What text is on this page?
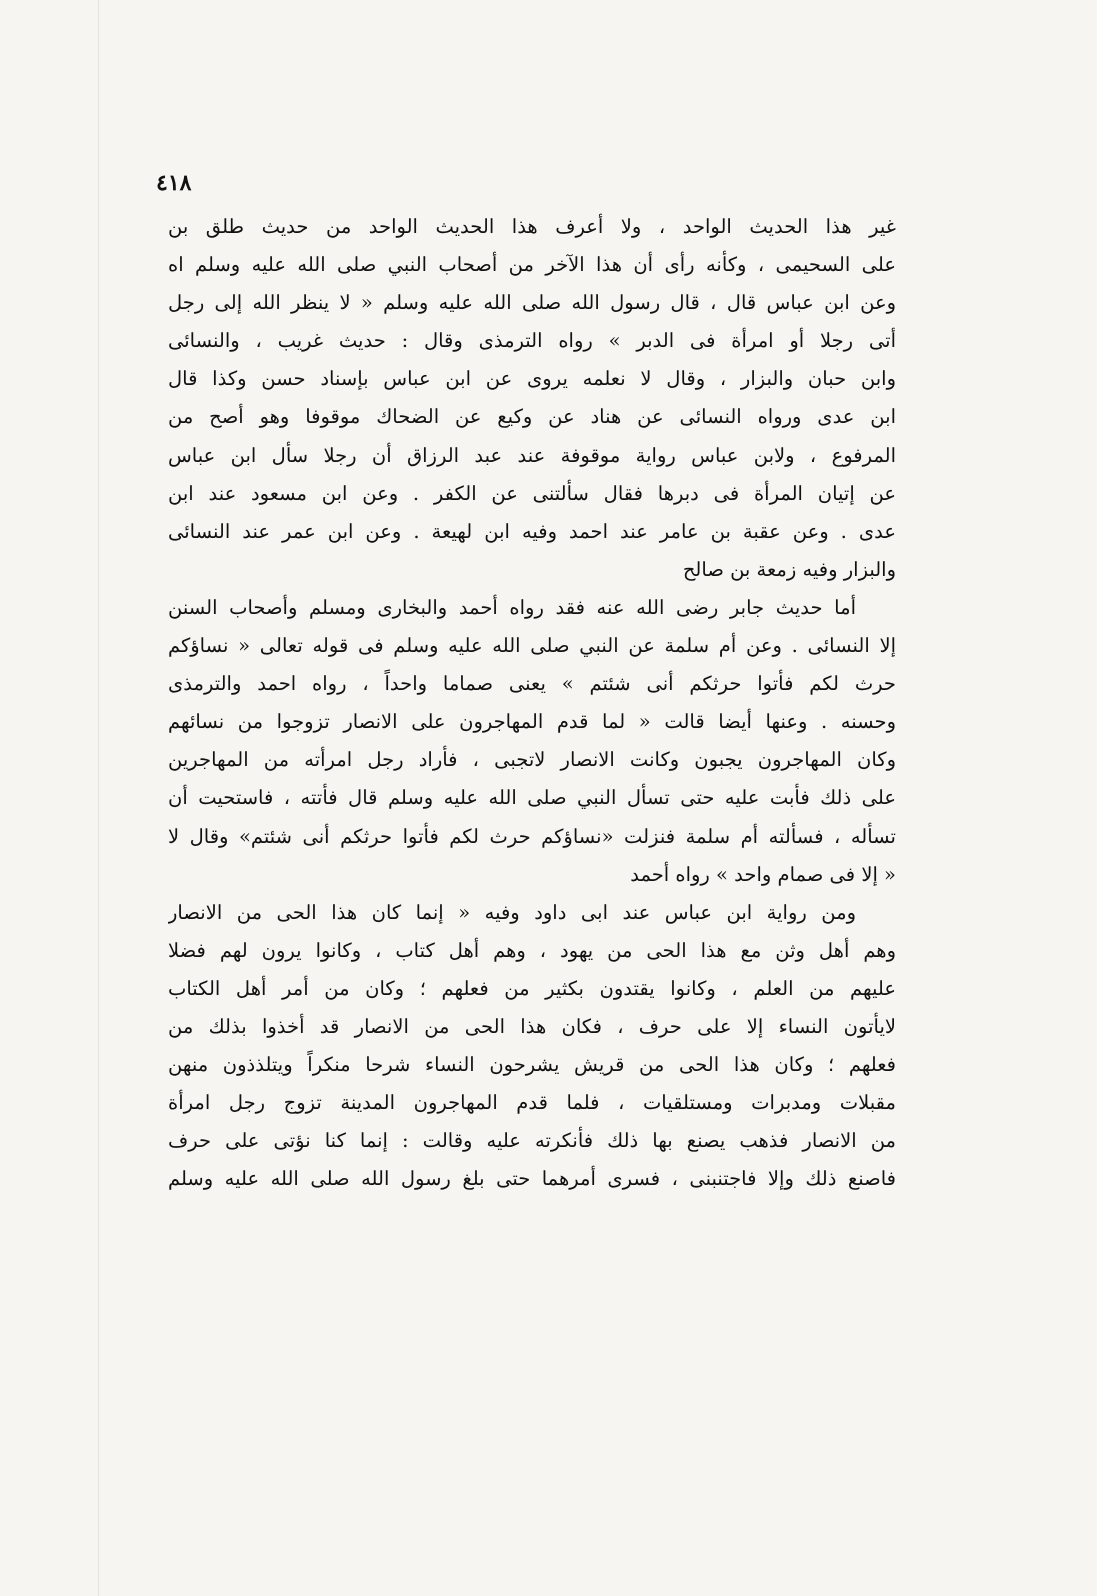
٤١٨
غير هذا الحديث الواحد ، ولا أعرف هذا الحديث الواحد من حديث طلق بن
على السحيمى ، وكأنه رأى أن هذا الآخر من أصحاب النبي صلى الله عليه وسلم اه
وعن ابن عباس قال ، قال رسول الله صلى الله عليه وسلم « لا ينظر الله إلى رجل
أتى رجلا أو امرأة فى الدبر » رواه الترمذى وقال : حديث غريب ، والنسائى
وابن حبان والبزار ، وقال لا نعلمه يروى عن ابن عباس بإسناد حسن وكذا قال
ابن عدى ورواه النسائى عن هناد عن وكيع عن الضحاك موقوفا وهو أصح من
المرفوع ، ولابن عباس رواية موقوفة عند عبد الرزاق أن رجلا سأل ابن عباس
عن إتيان المرأة فى دبرها فقال سألتنى عن الكفر . وعن ابن مسعود عند ابن
عدى . وعن عقبة بن عامر عند احمد وفيه ابن لهيعة . وعن ابن عمر عند النسائى
والبزار وفيه زمعة بن صالح
أما حديث جابر رضى الله عنه فقد رواه أحمد والبخارى ومسلم وأصحاب السنن
إلا النسائى . وعن أم سلمة عن النبي صلى الله عليه وسلم فى قوله تعالى « نساؤكم
حرث لكم فأتوا حرثكم أنى شئتم » يعنى صماما واحداً ، رواه احمد والترمذى
وحسنه . وعنها أيضا قالت « لما قدم المهاجرون على الانصار تزوجوا من نسائهم
وكان المهاجرون يجبون وكانت الانصار لاتجبى ، فأراد رجل امرأته من المهاجرين
على ذلك فأبت عليه حتى تسأل النبي صلى الله عليه وسلم قال فأتته ، فاستحيت أن
تسأله ، فسألته أم سلمة فنزلت «نساؤكم حرث لكم فأتوا حرثكم أنى شئتم» وقال لا
« إلا فى صمام واحد » رواه أحمد
ومن رواية ابن عباس عند ابى داود وفيه « إنما كان هذا الحى من الانصار
وهم أهل وثن مع هذا الحى من يهود ، وهم أهل كتاب ، وكانوا يرون لهم فضلا
عليهم من العلم ، وكانوا يقتدون بكثير من فعلهم ؛ وكان من أمر أهل الكتاب
لايأتون النساء إلا على حرف ، فكان هذا الحى من الانصار قد أخذوا بذلك من
فعلهم ؛ وكان هذا الحى من قريش يشرحون النساء شرحا منكراً ويتلذذون منهن
مقبلات ومدبرات ومستلقيات ، فلما قدم المهاجرون المدينة تزوج رجل امرأة
من الانصار فذهب يصنع بها ذلك فأنكرته عليه وقالت : إنما كنا نؤتى على حرف
فاصنع ذلك وإلا فاجتنبنى ، فسرى أمرهما حتى بلغ رسول الله صلى الله عليه وسلم
